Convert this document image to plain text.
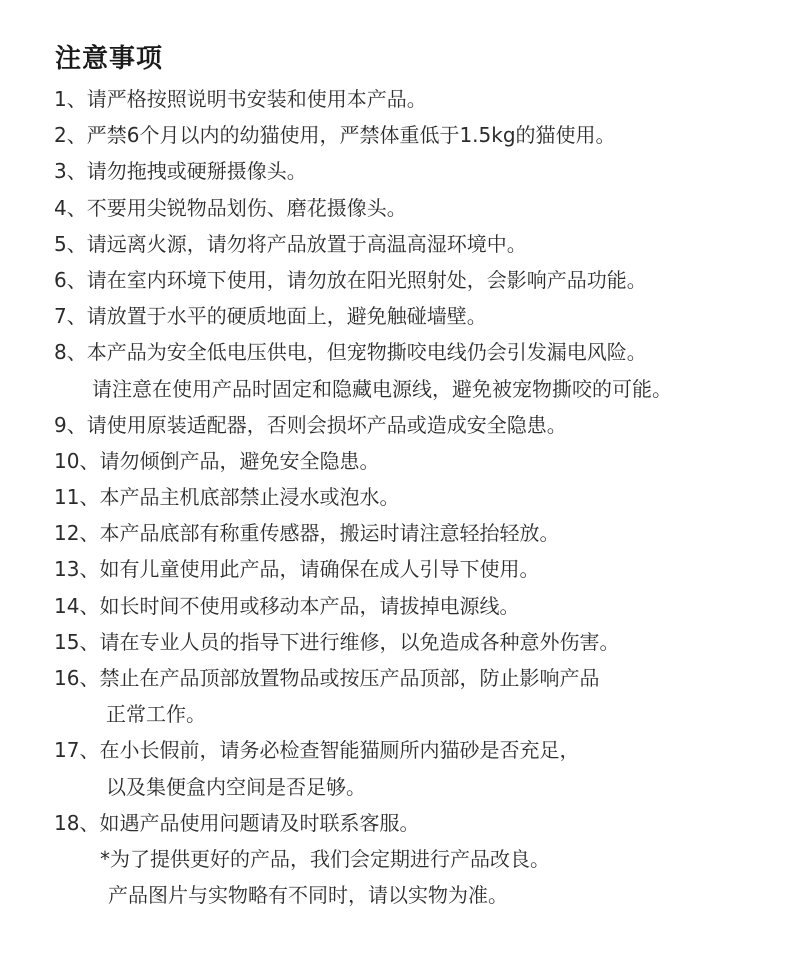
注意事项
1、请严格按照说明书安装和使用本产品。
2、严禁6个月以内的幼猫使用，严禁体重低于1.5kg的猫使用。
3、请勿拖拽或硬掰摄像头。
4、不要用尖锐物品划伤、磨花摄像头。
5、请远离火源，请勿将产品放置于高温高湿环境中。
6、请在室内环境下使用，请勿放在阳光照射处，会影响产品功能。
7、请放置于水平的硬质地面上，避免触碰墙壁。
8、本产品为安全低电压供电，但宠物撕咬电线仍会引发漏电风险。
请注意在使用产品时固定和隐藏电源线，避免被宠物撕咬的可能。
9、请使用原装适配器，否则会损坏产品或造成安全隐患。
10、请勿倾倒产品，避免安全隐患。
11、本产品主机底部禁止浸水或泡水。
12、本产品底部有称重传感器，搬运时请注意轻抬轻放。
13、如有儿童使用此产品，请确保在成人引导下使用。
14、如长时间不使用或移动本产品，请拔掉电源线。
15、请在专业人员的指导下进行维修，以免造成各种意外伤害。
16、禁止在产品顶部放置物品或按压产品顶部，防止影响产品
正常工作。
17、在小长假前，请务必检查智能猫厕所内猫砂是否充足，
以及集便盒内空间是否足够。
18、如遇产品使用问题请及时联系客服。
*为了提供更好的产品，我们会定期进行产品改良。
产品图片与实物略有不同时，请以实物为准。
